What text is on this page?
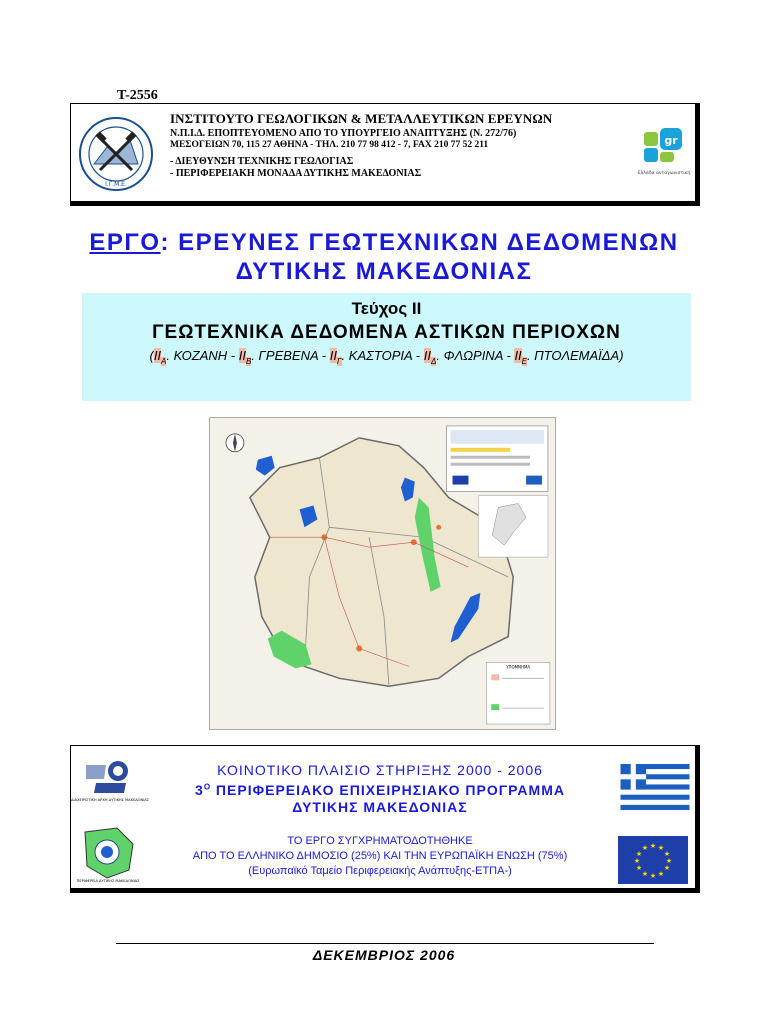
Τ-2556
Ι.Γ.Μ.Ε.
ΙΝΣΤΙΤΟΥΤΟ ΓΕΩΛΟΓΙΚΩΝ & ΜΕΤΑΛΛΕΥΤΙΚΩΝ ΕΡΕΥΝΩΝ
Ν.Π.Ι.Δ. ΕΠΟΠΤΕΥΟΜΕΝΟ ΑΠΟ ΤΟ ΥΠΟΥΡΓΕΙΟ ΑΝΑΠΤΥΞΗΣ (Ν. 272/76)
ΜΕΣΟΓΕΙΩΝ 70, 115 27 ΑΘΗΝΑ - ΤΗΛ. 210 77 98 412 - 7, FAX 210 77 52 211
- ΔΙΕΥΘΥΝΣΗ ΤΕΧΝΙΚΗΣ ΓΕΩΛΟΓΙΑΣ
- ΠΕΡΙΦΕΡΕΙΑΚΗ ΜΟΝΑΔΑ ΔΥΤΙΚΗΣ ΜΑΚΕΔΟΝΙΑΣ
gr
Ελλάδα ανταγωνιστική
ΕΡΓΟ: ΕΡΕΥΝΕΣ ΓΕΩΤΕΧΝΙΚΩΝ ΔΕΔΟΜΕΝΩΝ
ΔΥΤΙΚΗΣ ΜΑΚΕΔΟΝΙΑΣ
Τεύχος ΙΙ
ΓΕΩΤΕΧΝΙΚΑ ΔΕΔΟΜΕΝΑ ΑΣΤΙΚΩΝ ΠΕΡΙΟΧΩΝ
($II_A$. ΚΟΖΑΝΗ - $II_B$. ΓΡΕΒΕΝΑ - $II_\Gamma$. ΚΑΣΤΟΡΙΑ - $II_\Delta$. ΦΛΩΡΙΝΑ - $II_E$. ΠΤΟΛΕΜΑΪΔΑ)
ΥΠΟΜΝΗΜΑ
ΔΙΑΧΕΙΡΙΣΤΙΚΗ ΑΡΧΗ ΔΥΤΙΚΗΣ ΜΑΚΕΔΟΝΙΑΣ
ΠΕΡΙΦΕΡΕΙΑ ΔΥΤΙΚΗΣ ΜΑΚΕΔΟΝΙΑΣ
ΚΟΙΝΟΤΙΚΟ ΠΛΑΙΣΙΟ ΣΤΗΡΙΞΗΣ 2000 - 2006
$3^O$ ΠΕΡΙΦΕΡΕΙΑΚΟ ΕΠΙΧΕΙΡΗΣΙΑΚΟ ΠΡΟΓΡΑΜΜΑ
ΔΥΤΙΚΗΣ ΜΑΚΕΔΟΝΙΑΣ
ΤΟ ΕΡΓΟ ΣΥΓΧΡΗΜΑΤΟΔΟΤΗΘΗΚΕ
ΑΠΟ ΤΟ ΕΛΛΗΝΙΚΟ ΔΗΜΟΣΙΟ (25%) ΚΑΙ ΤΗΝ ΕΥΡΩΠΑΪΚΗ ΕΝΩΣΗ (75%)
(Ευρωπαϊκό Ταμείο Περιφερειακής Ανάπτυξης-ΕΤΠΑ-)
★ ★
★
★
★
★
★
★
★
★
★
★
ΔΕΚΕΜΒΡΙΟΣ 2006
